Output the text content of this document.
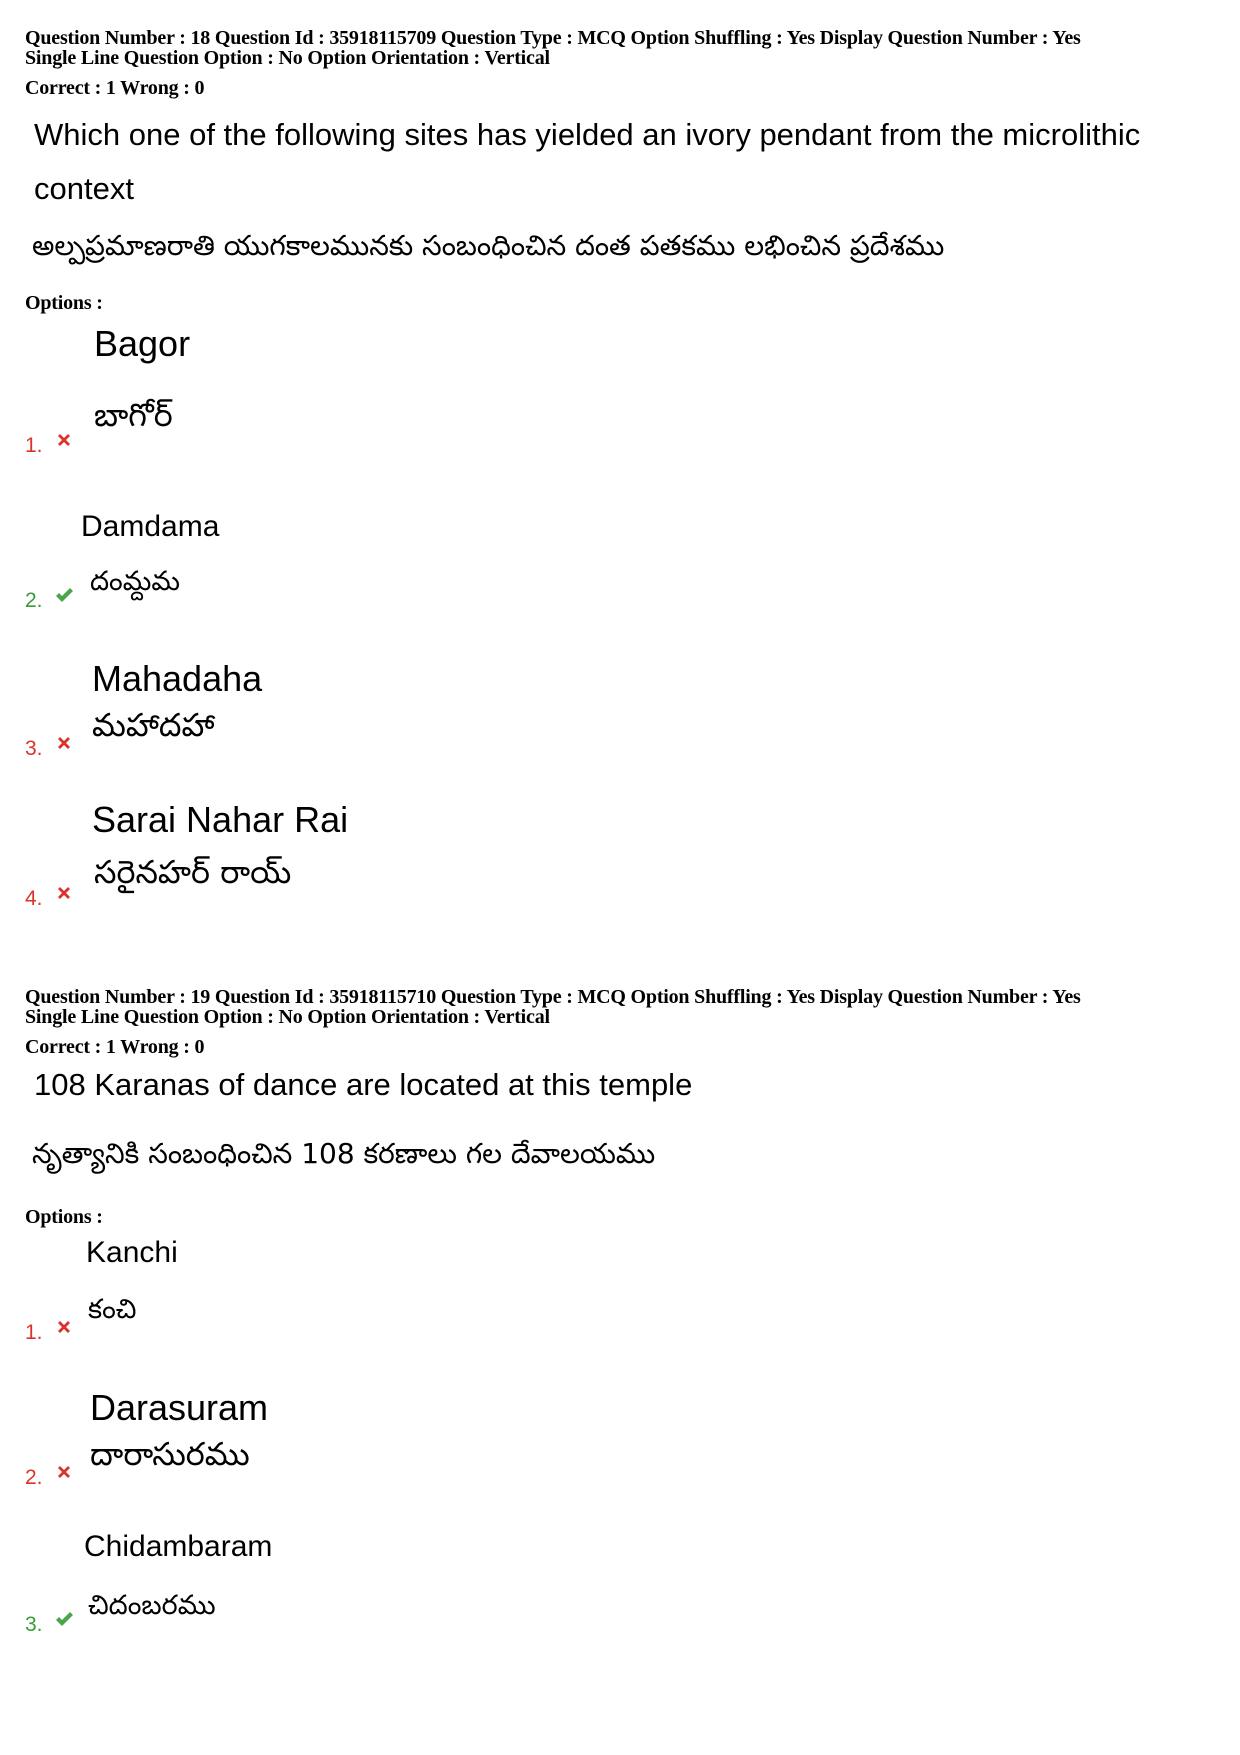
Question Number : 18 Question Id : 35918115709 Question Type : MCQ Option Shuffling : Yes Display Question Number : Yes
Single Line Question Option : No Option Orientation : Vertical
Correct : 1 Wrong : 0
Which one of the following sites has yielded an ivory pendant from the microlithic
context
అల్పప్రమాణరాతి యుగకాలమునకు సంబంధించిన దంత పతకము లభించిన ప్రదేశము
Options :
Bagor
బాగోర్
1.
Damdama
దంమ్దమ
2.
Mahadaha
మహాదహా
3.
Sarai Nahar Rai
సరైనహర్ రాయ్
4.
Question Number : 19 Question Id : 35918115710 Question Type : MCQ Option Shuffling : Yes Display Question Number : Yes
Single Line Question Option : No Option Orientation : Vertical
Correct : 1 Wrong : 0
108 Karanas of dance are located at this temple
నృత్యానికి సంబంధించిన 108 కరణాలు గల దేవాలయము
Options :
Kanchi
కంచి
1.
Darasuram
దారాసురము
2.
Chidambaram
చిదంబరము
3.
